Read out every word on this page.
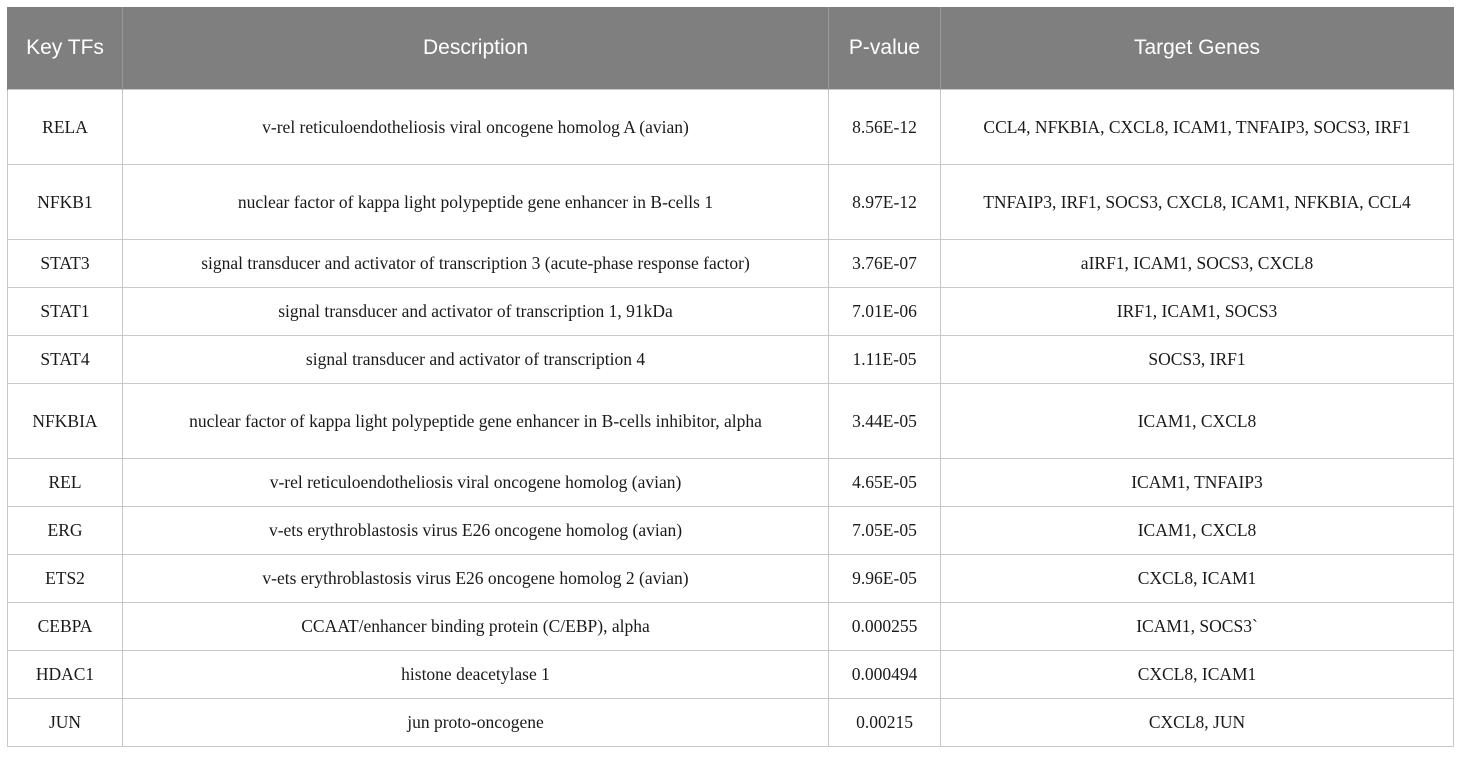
Key TFs	Description	P-value	Target Genes
RELA	v-rel reticuloendotheliosis viral oncogene homolog A (avian)	8.56E-12	CCL4, NFKBIA, CXCL8, ICAM1, TNFAIP3, SOCS3, IRF1
NFKB1	nuclear factor of kappa light polypeptide gene enhancer in B-cells 1	8.97E-12	TNFAIP3, IRF1, SOCS3, CXCL8, ICAM1, NFKBIA, CCL4
STAT3	signal transducer and activator of transcription 3 (acute-phase response factor)	3.76E-07	aIRF1, ICAM1, SOCS3, CXCL8
STAT1	signal transducer and activator of transcription 1, 91kDa	7.01E-06	IRF1, ICAM1, SOCS3
STAT4	signal transducer and activator of transcription 4	1.11E-05	SOCS3, IRF1
NFKBIA	nuclear factor of kappa light polypeptide gene enhancer in B-cells inhibitor, alpha	3.44E-05	ICAM1, CXCL8
REL	v-rel reticuloendotheliosis viral oncogene homolog (avian)	4.65E-05	ICAM1, TNFAIP3
ERG	v-ets erythroblastosis virus E26 oncogene homolog (avian)	7.05E-05	ICAM1, CXCL8
ETS2	v-ets erythroblastosis virus E26 oncogene homolog 2 (avian)	9.96E-05	CXCL8, ICAM1
CEBPA	CCAAT/enhancer binding protein (C/EBP), alpha	0.000255	ICAM1, SOCS3`
HDAC1	histone deacetylase 1	0.000494	CXCL8, ICAM1
JUN	jun proto-oncogene	0.00215	CXCL8, JUN
